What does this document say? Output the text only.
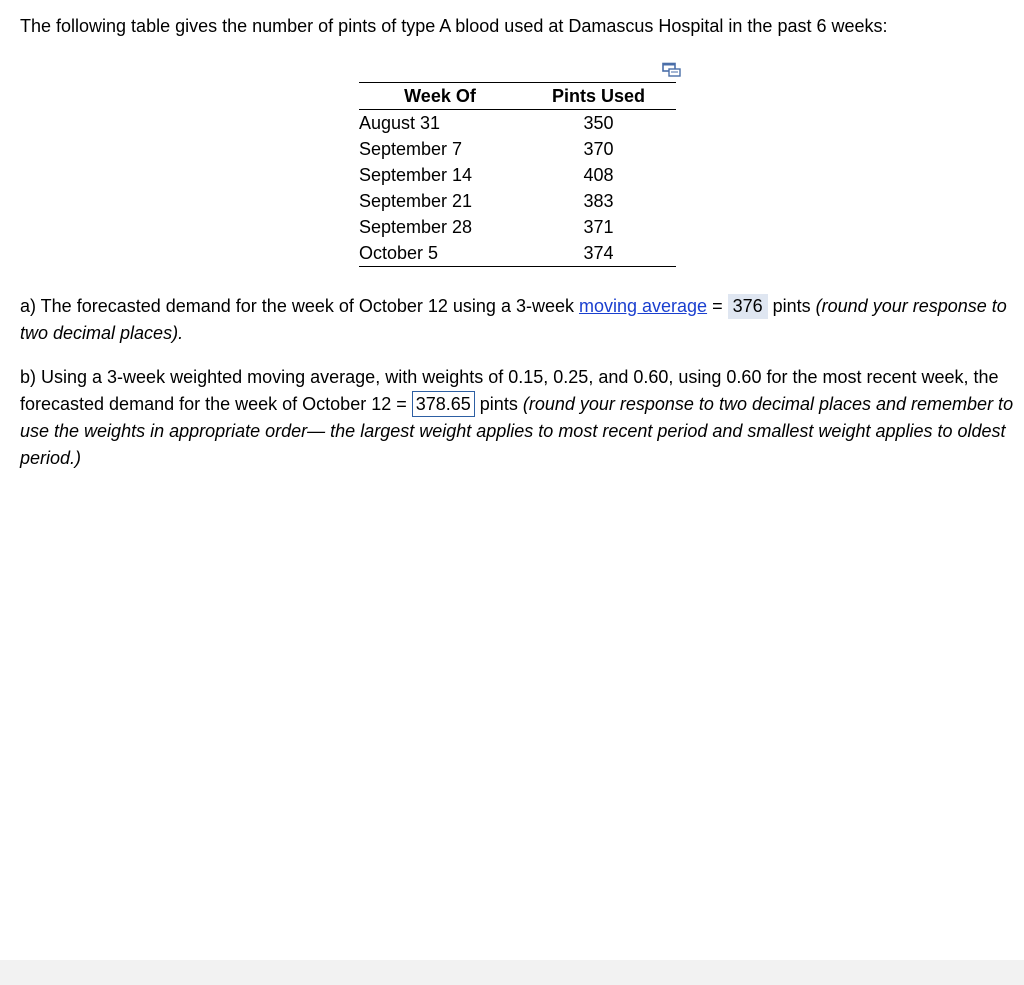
The following table gives the number of pints of type A blood used at Damascus Hospital in the past 6 weeks:
Week Of	Pints Used
August 31	350
September 7	370
September 14	408
September 21	383
September 28	371
October 5	374
a) The forecasted demand for the week of October 12 using a 3-week moving average = 376 pints (round your response to two decimal places).
b) Using a 3-week weighted moving average, with weights of 0.15, 0.25, and 0.60, using 0.60 for the most recent week, the forecasted demand for the week of October 12 = 378.65 pints (round your response to two decimal places and remember to use the weights in appropriate order— the largest weight applies to most recent period and smallest weight applies to oldest period.)
